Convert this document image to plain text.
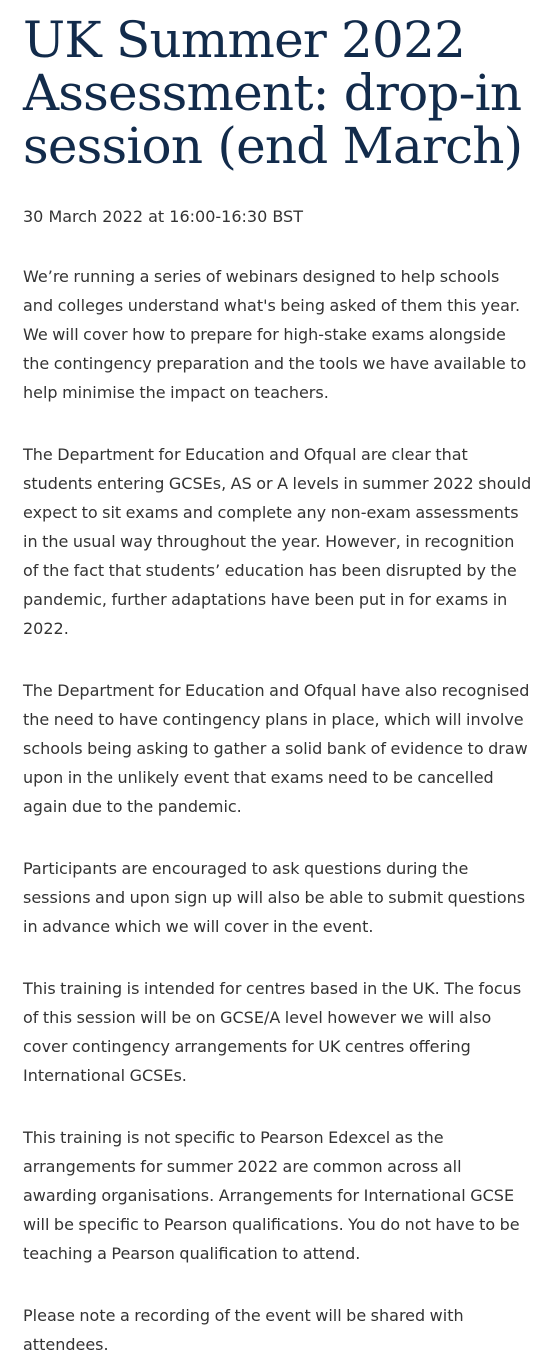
UK Summer 2022 Assessment: drop-in session (end March)

30 March 2022 at 16:00-16:30 BST

We’re running a series of webinars designed to help schools and colleges understand what's being asked of them this year. We will cover how to prepare for high-stake exams alongside the contingency preparation and the tools we have available to help minimise the impact on teachers.

The Department for Education and Ofqual are clear that students entering GCSEs, AS or A levels in summer 2022 should expect to sit exams and complete any non-exam assessments in the usual way throughout the year. However, in recognition of the fact that students’ education has been disrupted by the pandemic, further adaptations have been put in for exams in 2022.

The Department for Education and Ofqual have also recognised the need to have contingency plans in place, which will involve schools being asking to gather a solid bank of evidence to draw upon in the unlikely event that exams need to be cancelled again due to the pandemic.

Participants are encouraged to ask questions during the sessions and upon sign up will also be able to submit questions in advance which we will cover in the event.

This training is intended for centres based in the UK. The focus of this session will be on GCSE/A level however we will also cover contingency arrangements for UK centres offering International GCSEs.

This training is not specific to Pearson Edexcel as the arrangements for summer 2022 are common across all awarding organisations. Arrangements for International GCSE will be specific to Pearson qualifications. You do not have to be teaching a Pearson qualification to attend.

Please note a recording of the event will be shared with attendees.
